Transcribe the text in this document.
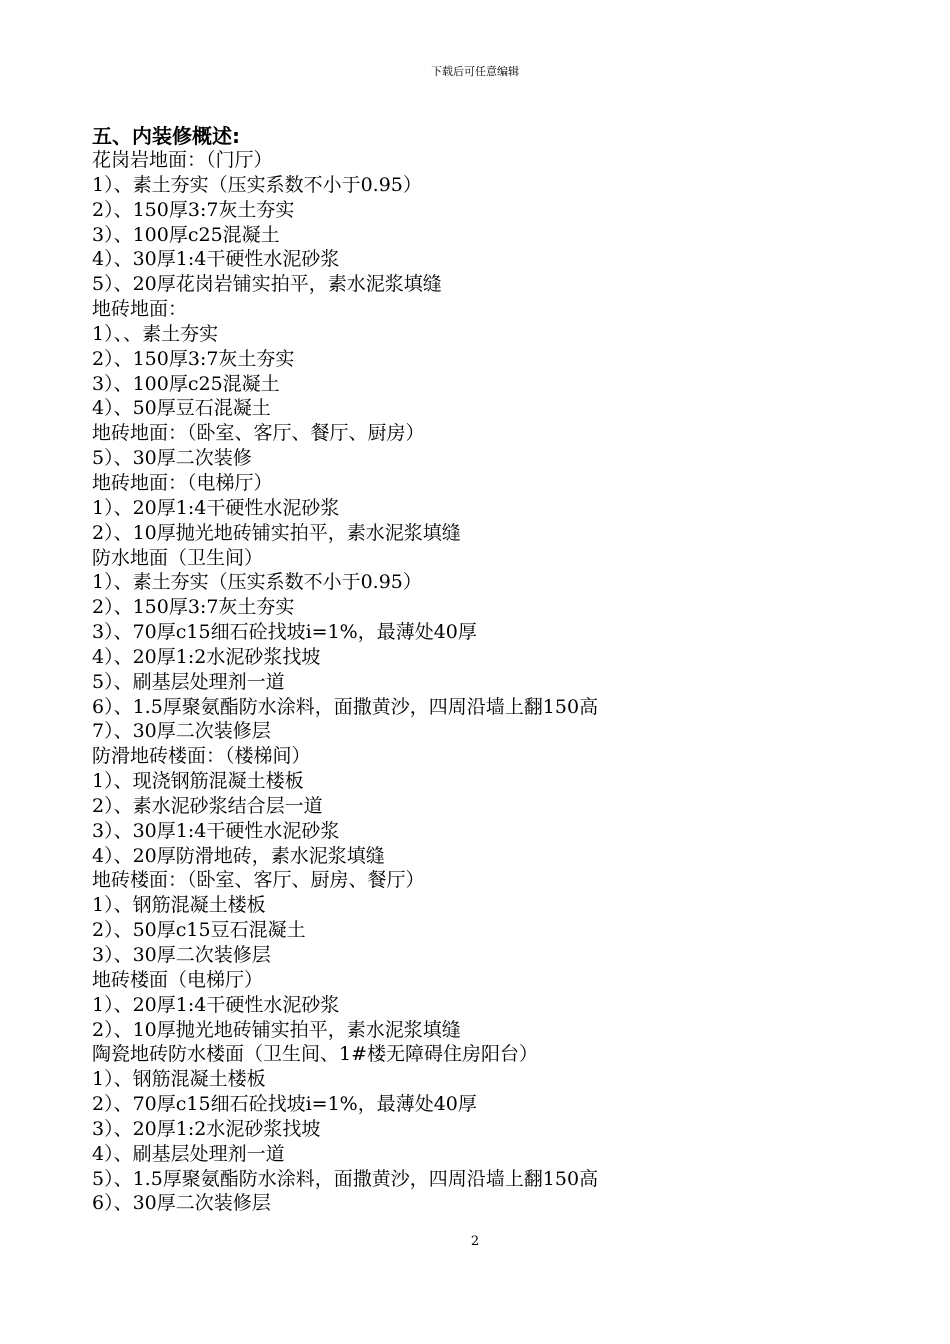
下载后可任意编辑
五、内装修概述:
花岗岩地面：（门厅）
1）、素土夯实（压实系数不小于0.95）
2）、150厚3:7灰土夯实
3）、100厚c25混凝土
4）、30厚1:4干硬性水泥砂浆
5）、20厚花岗岩铺实拍平，素水泥浆填缝
地砖地面：
1）、、素土夯实
2）、150厚3:7灰土夯实
3）、100厚c25混凝土
4）、50厚豆石混凝土
地砖地面：（卧室、客厅、餐厅、厨房）
5）、30厚二次装修
地砖地面：（电梯厅）
1）、20厚1:4干硬性水泥砂浆
2）、10厚抛光地砖铺实拍平，素水泥浆填缝
防水地面（卫生间）
1）、素土夯实（压实系数不小于0.95）
2）、150厚3:7灰土夯实
3）、70厚c15细石砼找坡i=1%，最薄处40厚
4）、20厚1:2水泥砂浆找坡
5）、刷基层处理剂一道
6）、1.5厚聚氨酯防水涂料，面撒黄沙，四周沿墙上翻150高
7）、30厚二次装修层
防滑地砖楼面：（楼梯间）
1）、现浇钢筋混凝土楼板
2）、素水泥砂浆结合层一道
3）、30厚1:4干硬性水泥砂浆
4）、20厚防滑地砖，素水泥浆填缝
地砖楼面：（卧室、客厅、厨房、餐厅）
1）、钢筋混凝土楼板
2）、50厚c15豆石混凝土
3）、30厚二次装修层
地砖楼面（电梯厅）
1）、20厚1:4干硬性水泥砂浆
2）、10厚抛光地砖铺实拍平，素水泥浆填缝
陶瓷地砖防水楼面（卫生间、1#楼无障碍住房阳台）
1）、钢筋混凝土楼板
2）、70厚c15细石砼找坡i=1%，最薄处40厚
3）、20厚1:2水泥砂浆找坡
4）、刷基层处理剂一道
5）、1.5厚聚氨酯防水涂料，面撒黄沙，四周沿墙上翻150高
6）、30厚二次装修层
2
